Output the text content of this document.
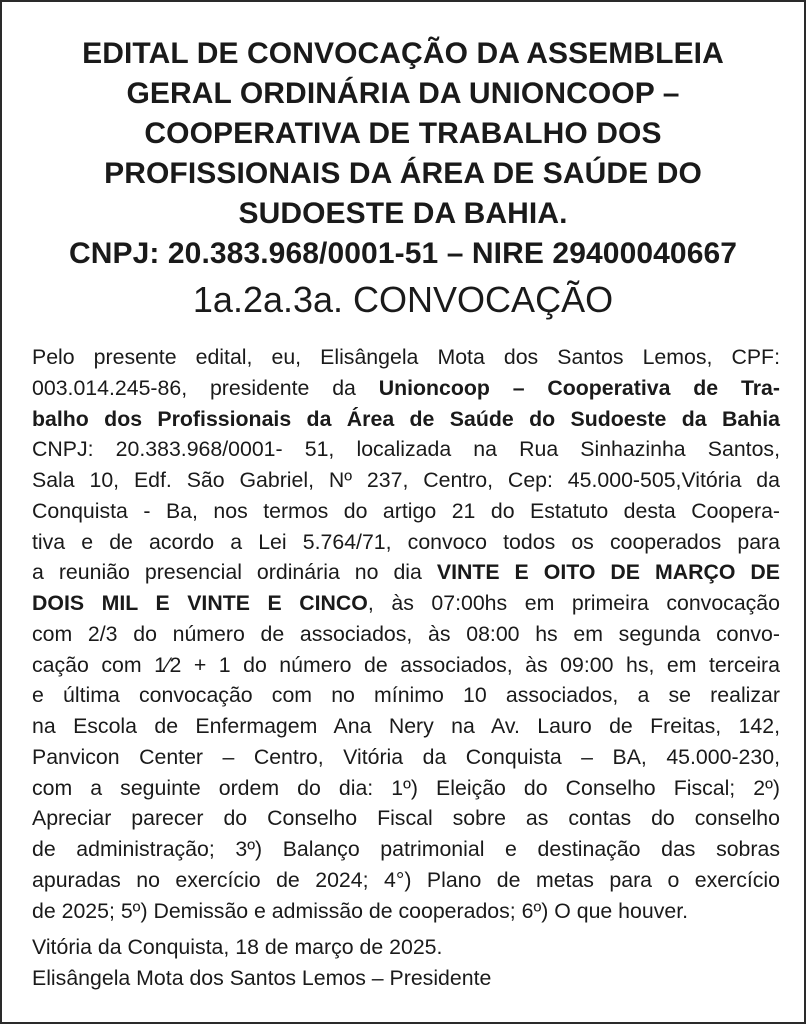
EDITAL DE CONVOCAÇÃO DA ASSEMBLEIA
GERAL ORDINÁRIA DA UNIONCOOP –
COOPERATIVA DE TRABALHO DOS
PROFISSIONAIS DA ÁREA DE SAÚDE DO
SUDOESTE DA BAHIA.
CNPJ: 20.383.968/0001-51 – NIRE 29400040667
1a.2a.3a. CONVOCAÇÃO
Pelo presente edital, eu, Elisângela Mota dos Santos Lemos, CPF:
003.014.245-86, presidente da Unioncoop – Cooperativa de Tra-
balho dos Profissionais da Área de Saúde do Sudoeste da Bahia
CNPJ: 20.383.968/0001- 51, localizada na Rua Sinhazinha Santos,
Sala 10, Edf. São Gabriel, Nº 237, Centro, Cep: 45.000-505,Vitória da
Conquista - Ba, nos termos do artigo 21 do Estatuto desta Coopera-
tiva e de acordo a Lei 5.764/71, convoco todos os cooperados para
a reunião presencial ordinária no dia VINTE E OITO DE MARÇO DE
DOIS MIL E VINTE E CINCO, às 07:00hs em primeira convocação
com 2/3 do número de associados, às 08:00 hs em segunda convo-
cação com 1⁄2 + 1 do número de associados, às 09:00 hs, em terceira
e última convocação com no mínimo 10 associados, a se realizar
na Escola de Enfermagem Ana Nery na Av. Lauro de Freitas, 142,
Panvicon Center – Centro, Vitória da Conquista – BA, 45.000-230,
com a seguinte ordem do dia: 1º) Eleição do Conselho Fiscal; 2º)
Apreciar parecer do Conselho Fiscal sobre as contas do conselho
de administração; 3º) Balanço patrimonial e destinação das sobras
apuradas no exercício de 2024; 4°) Plano de metas para o exercício
de 2025; 5º) Demissão e admissão de cooperados; 6º) O que houver.
Vitória da Conquista, 18 de março de 2025.
Elisângela Mota dos Santos Lemos – Presidente
